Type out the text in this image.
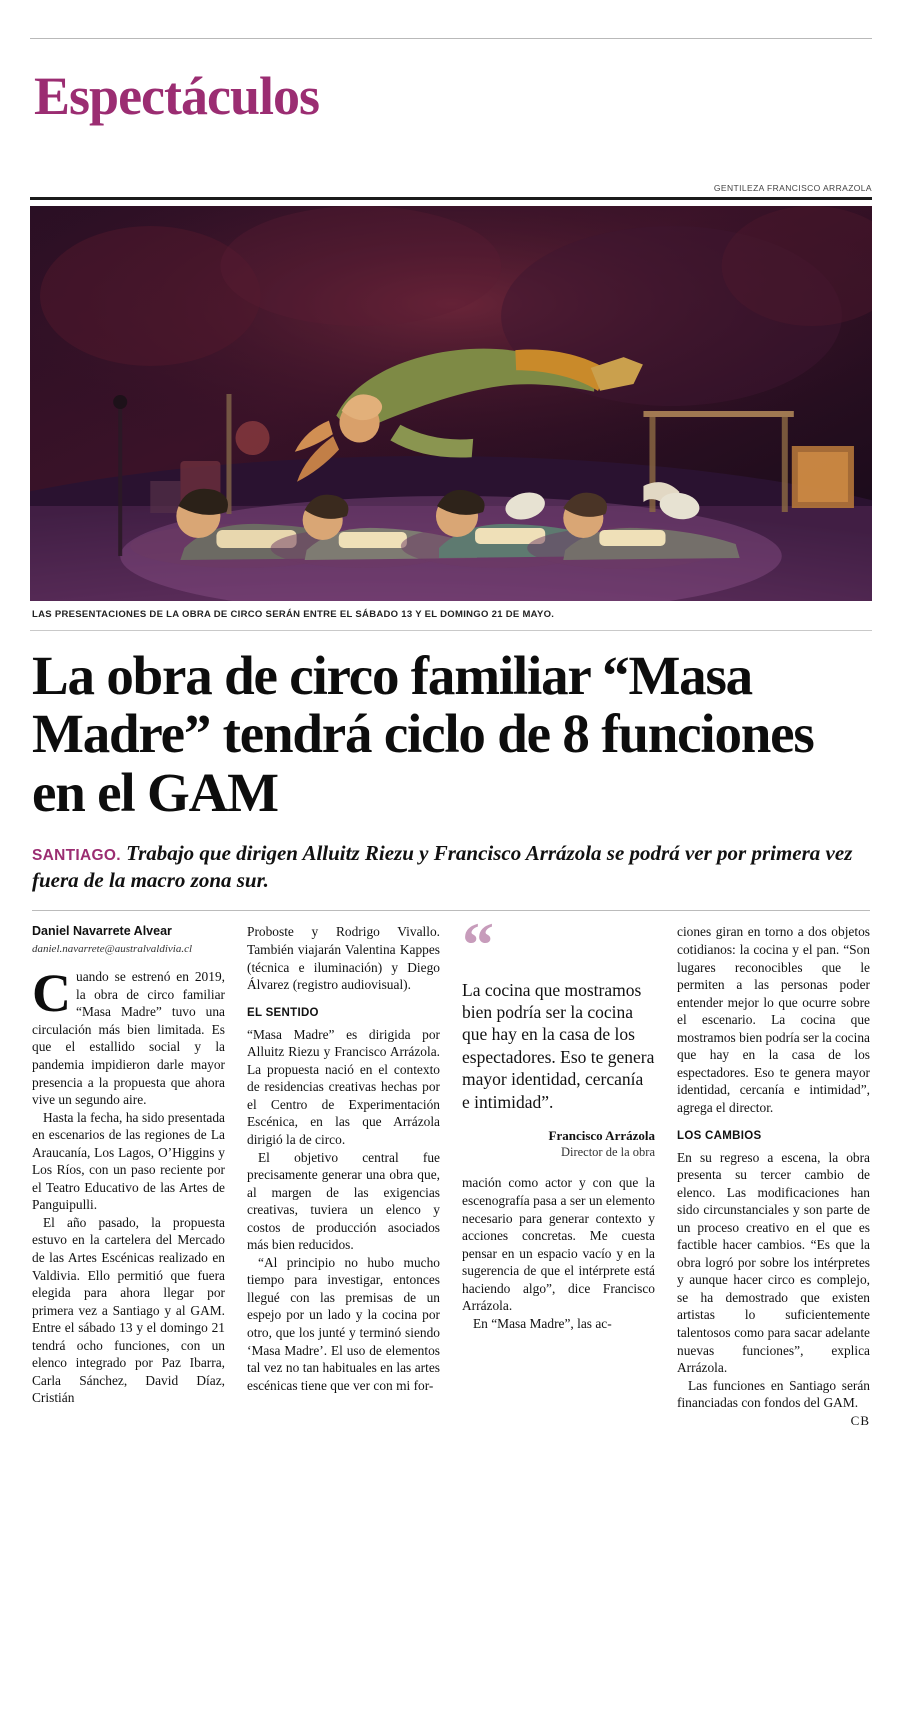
Espectáculos
GENTILEZA FRANCISCO ARRAZOLA
LAS PRESENTACIONES DE LA OBRA DE CIRCO SERÁN ENTRE EL SÁBADO 13 Y EL DOMINGO 21 DE MAYO.
La obra de circo familiar “Masa Madre” tendrá ciclo de 8 funciones en el GAM
SANTIAGO. Trabajo que dirigen Alluitz Riezu y Francisco Arrázola se podrá ver por primera vez fuera de la macro zona sur.
Daniel Navarrete Alvear
daniel.navarrete@australvaldivia.cl

Cuando se estrenó en 2019, la obra de circo familiar “Masa Madre” tuvo una circulación más bien limitada. Es que el estallido social y la pandemia impidieron darle mayor presencia a la propuesta que ahora vive un segundo aire.

Hasta la fecha, ha sido presentada en escenarios de las regiones de La Araucanía, Los Lagos, O’Higgins y Los Ríos, con un paso reciente por el Teatro Educativo de las Artes de Panguipulli.

El año pasado, la propuesta estuvo en la cartelera del Mercado de las Artes Escénicas realizado en Valdivia. Ello permitió que fuera elegida para ahora llegar por primera vez a Santiago y al GAM. Entre el sábado 13 y el domingo 21 tendrá ocho funciones, con un elenco integrado por Paz Ibarra, Carla Sánchez, David Díaz, Cristián

Proboste y Rodrigo Vivallo. También viajarán Valentina Kappes (técnica e iluminación) y Diego Álvarez (registro audiovisual).

EL SENTIDO

“Masa Madre” es dirigida por Alluitz Riezu y Francisco Arrázola. La propuesta nació en el contexto de residencias creativas hechas por el Centro de Experimentación Escénica, en las que Arrázola dirigió la de circo.

El objetivo central fue precisamente generar una obra que, al margen de las exigencias creativas, tuviera un elenco y costos de producción asociados más bien reducidos.

“Al principio no hubo mucho tiempo para investigar, entonces llegué con las premisas de un espejo por un lado y la cocina por otro, que los junté y terminó siendo ‘Masa Madre’. El uso de elementos tal vez no tan habituales en las artes escénicas tiene que ver con mi for-

“
La cocina que mostramos bien podría ser la cocina que hay en la casa de los espectadores. Eso te genera mayor identidad, cercanía e intimidad”.
Francisco Arrázola
Director de la obra

mación como actor y con que la escenografía pasa a ser un elemento necesario para generar contexto y acciones concretas. Me cuesta pensar en un espacio vacío y en la sugerencia de que el intérprete está haciendo algo”, dice Francisco Arrázola.

En “Masa Madre”, las ac-

ciones giran en torno a dos objetos cotidianos: la cocina y el pan. “Son lugares reconocibles que le permiten a las personas poder entender mejor lo que ocurre sobre el escenario. La cocina que mostramos bien podría ser la cocina que hay en la casa de los espectadores. Eso te genera mayor identidad, cercanía e intimidad”, agrega el director.

LOS CAMBIOS

En su regreso a escena, la obra presenta su tercer cambio de elenco. Las modificaciones han sido circunstanciales y son parte de un proceso creativo en el que es factible hacer cambios. “Es que la obra logró por sobre los intérpretes y aunque hacer circo es complejo, se ha demostrado que existen artistas lo suficientemente talentosos como para sacar adelante nuevas funciones”, explica Arrázola.

Las funciones en Santiago serán financiadas con fondos del GAM.

CB
